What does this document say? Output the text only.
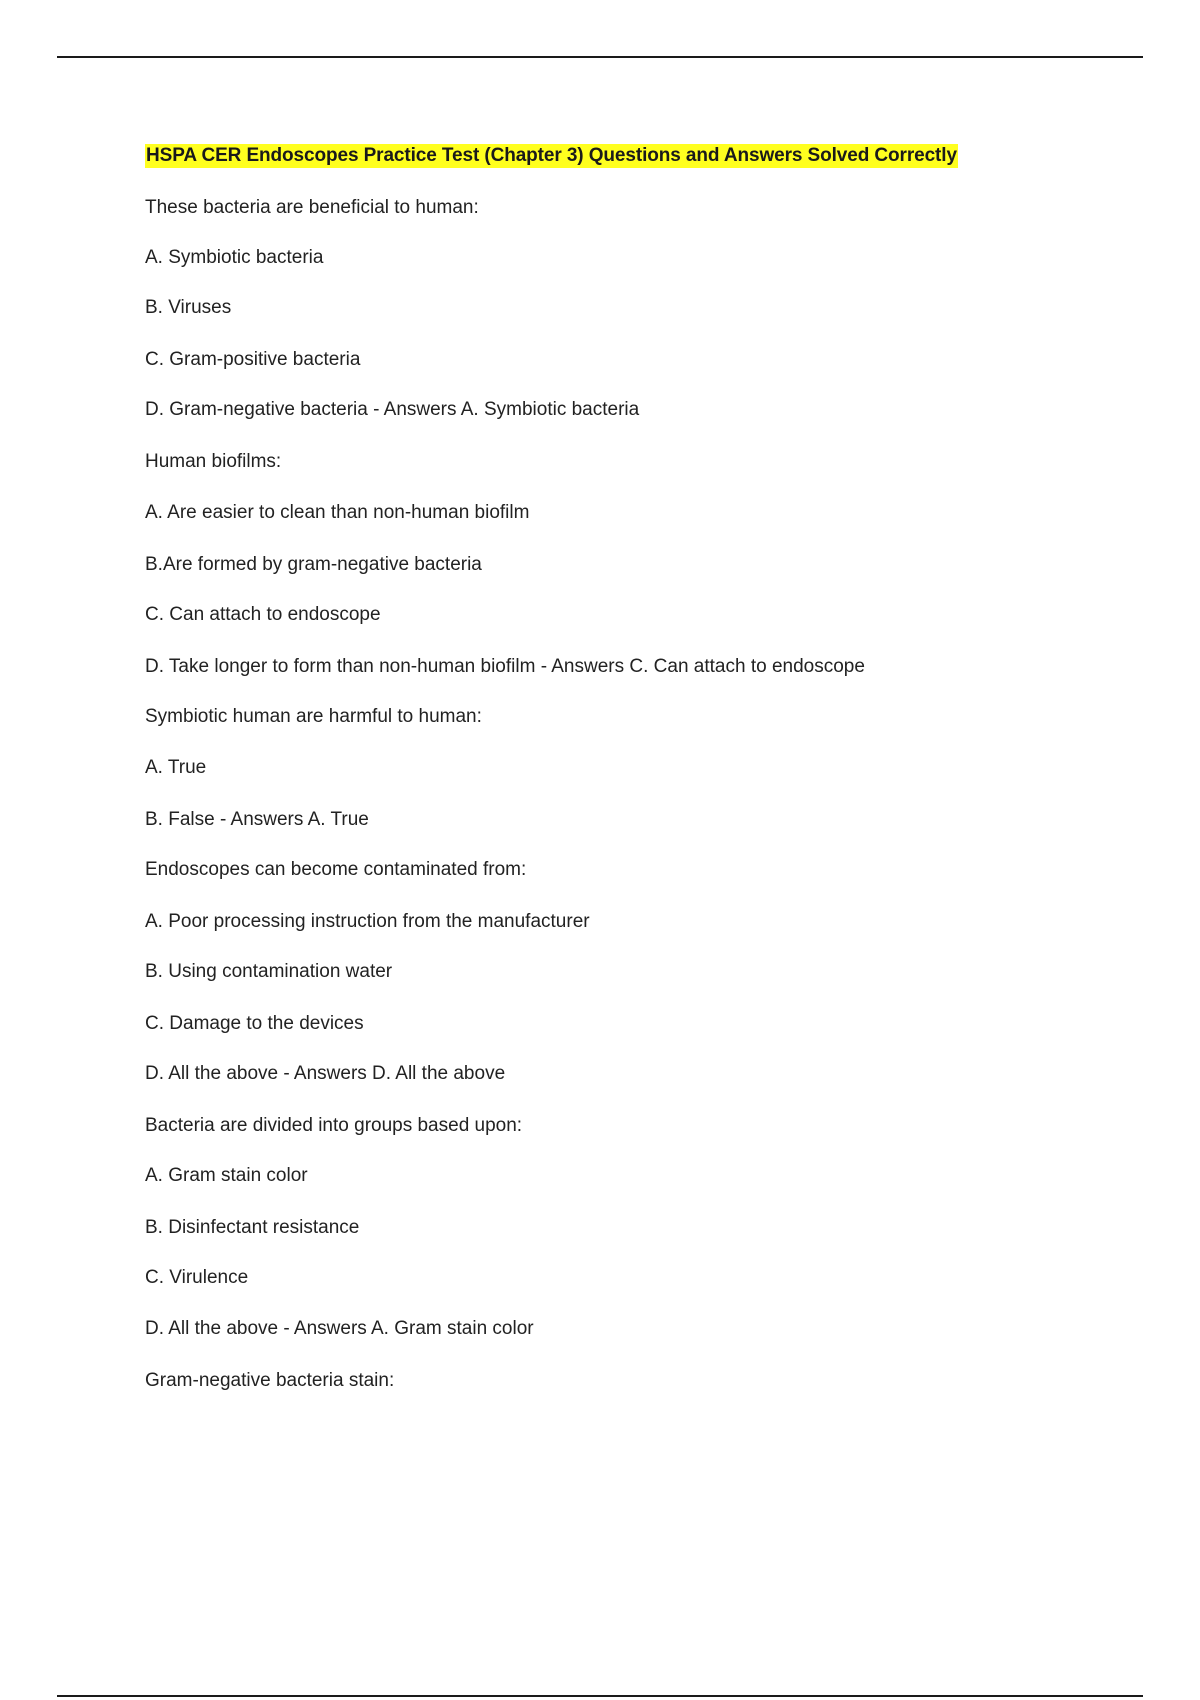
HSPA CER Endoscopes Practice Test (Chapter 3) Questions and Answers Solved Correctly

These bacteria are beneficial to human:

A. Symbiotic bacteria

B. Viruses

C. Gram-positive bacteria

D. Gram-negative bacteria - Answers A. Symbiotic bacteria

Human biofilms:

A. Are easier to clean than non-human biofilm

B.Are formed by gram-negative bacteria

C. Can attach to endoscope

D. Take longer to form than non-human biofilm - Answers C. Can attach to endoscope

Symbiotic human are harmful to human:

A. True

B. False - Answers A. True

Endoscopes can become contaminated from:

A. Poor processing instruction from the manufacturer

B. Using contamination water

C. Damage to the devices

D. All the above - Answers D. All the above

Bacteria are divided into groups based upon:

A. Gram stain color

B. Disinfectant resistance

C. Virulence

D. All the above - Answers A. Gram stain color

Gram-negative bacteria stain:
